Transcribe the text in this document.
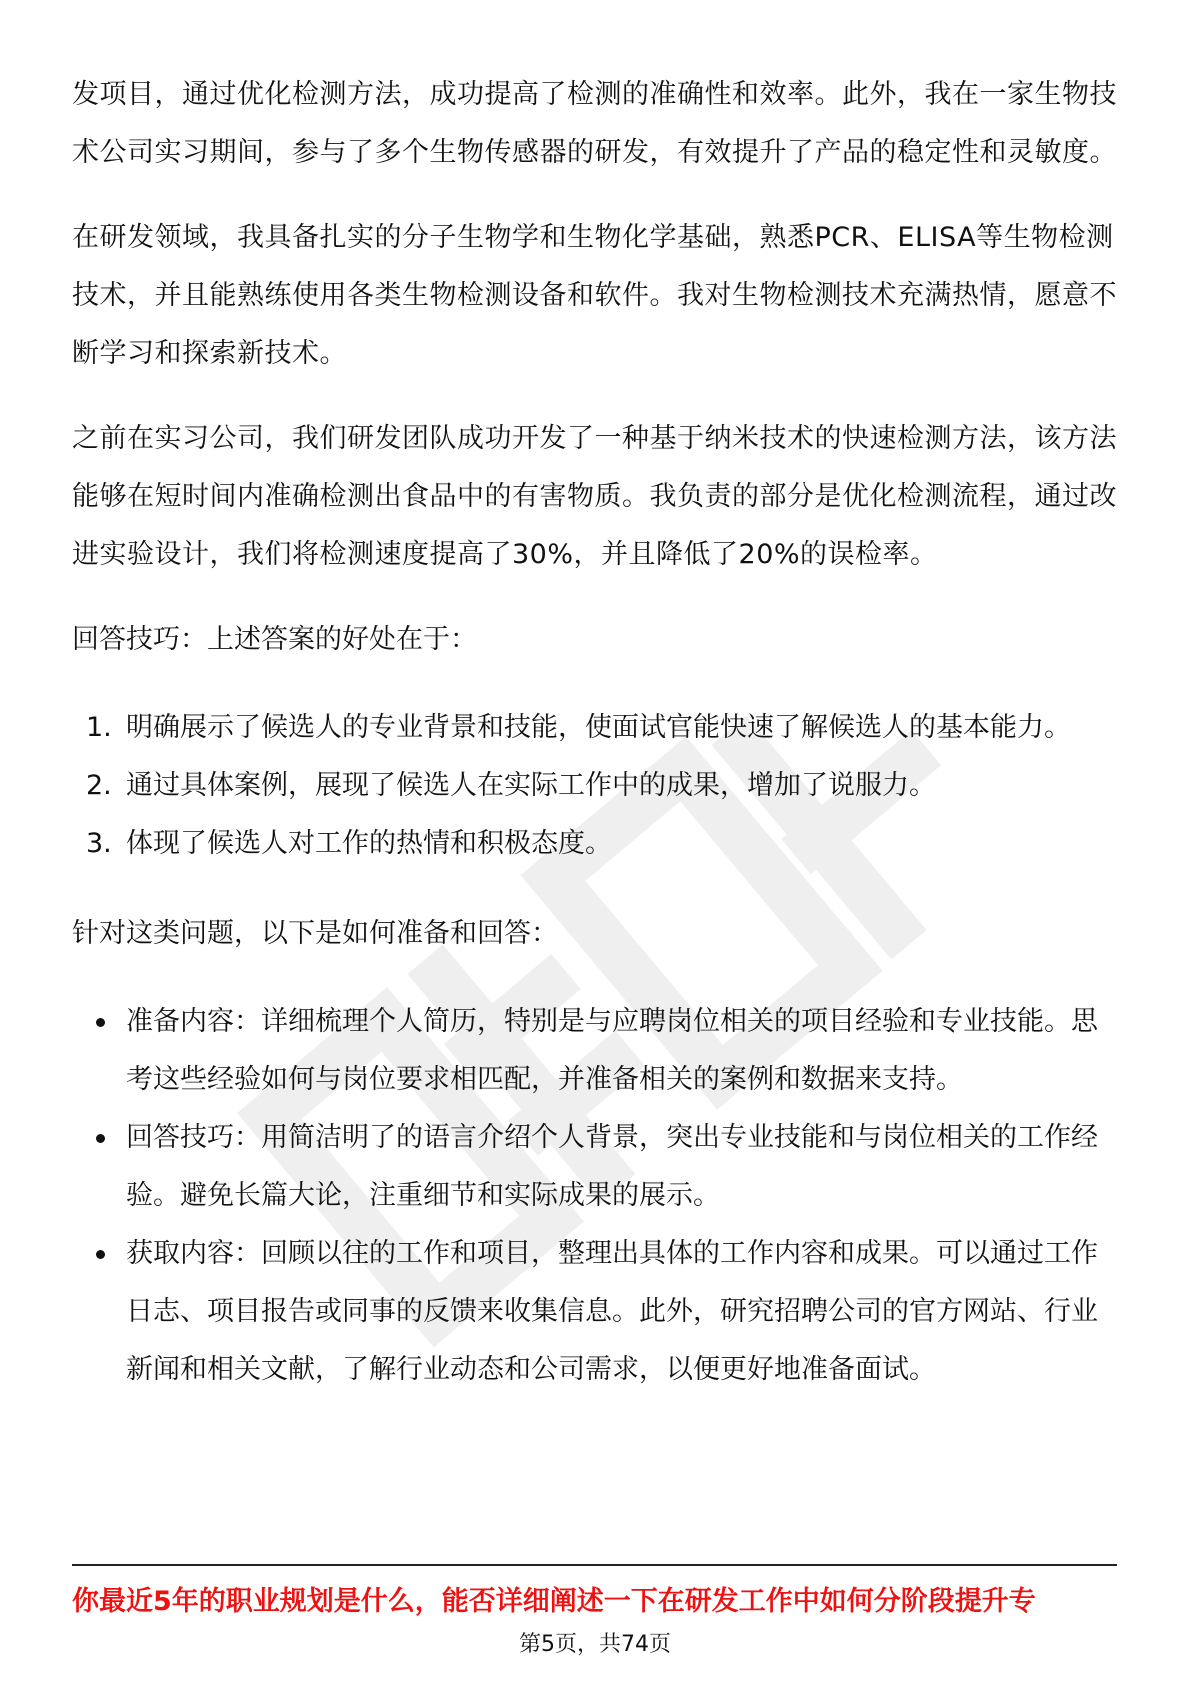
发项目，通过优化检测方法，成功提高了检测的准确性和效率。此外，我在一家生物技术公司实习期间，参与了多个生物传感器的研发，有效提升了产品的稳定性和灵敏度。

在研发领域，我具备扎实的分子生物学和生物化学基础，熟悉PCR、ELISA等生物检测技术，并且能熟练使用各类生物检测设备和软件。我对生物检测技术充满热情，愿意不断学习和探索新技术。

之前在实习公司，我们研发团队成功开发了一种基于纳米技术的快速检测方法，该方法能够在短时间内准确检测出食品中的有害物质。我负责的部分是优化检测流程，通过改进实验设计，我们将检测速度提高了30%，并且降低了20%的误检率。

回答技巧：上述答案的好处在于：

1. 明确展示了候选人的专业背景和技能，使面试官能快速了解候选人的基本能力。
2. 通过具体案例，展现了候选人在实际工作中的成果，增加了说服力。
3. 体现了候选人对工作的热情和积极态度。

针对这类问题，以下是如何准备和回答：

准备内容：详细梳理个人简历，特别是与应聘岗位相关的项目经验和专业技能。思考这些经验如何与岗位要求相匹配，并准备相关的案例和数据来支持。
回答技巧：用简洁明了的语言介绍个人背景，突出专业技能和与岗位相关的工作经验。避免长篇大论，注重细节和实际成果的展示。
获取内容：回顾以往的工作和项目，整理出具体的工作内容和成果。可以通过工作日志、项目报告或同事的反馈来收集信息。此外，研究招聘公司的官方网站、行业新闻和相关文献，了解行业动态和公司需求，以便更好地准备面试。
你最近5年的职业规划是什么，能否详细阐述一下在研发工作中如何分阶段提升专
第5页，共74页
